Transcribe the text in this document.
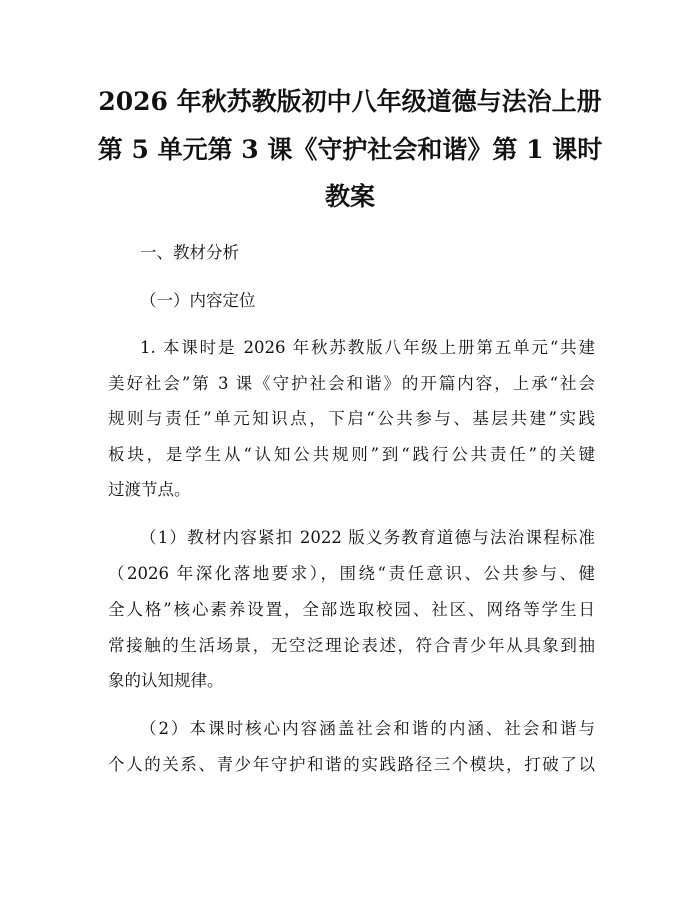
2026 年秋苏教版初中八年级道德与法治上册
第 5 单元第 3 课《守护社会和谐》第 1 课时
教案
一、教材分析
（一）内容定位
1. 本课时是 2026 年秋苏教版八年级上册第五单元“共建
美好社会”第 3 课《守护社会和谐》的开篇内容，上承“社会
规则与责任”单元知识点，下启“公共参与、基层共建”实践
板块，是学生从“认知公共规则”到“践行公共责任”的关键
过渡节点。
（1）教材内容紧扣 2022 版义务教育道德与法治课程标准
（2026 年深化落地要求），围绕“责任意识、公共参与、健
全人格”核心素养设置，全部选取校园、社区、网络等学生日
常接触的生活场景，无空泛理论表述，符合青少年从具象到抽
象的认知规律。
（2）本课时核心内容涵盖社会和谐的内涵、社会和谐与
个人的关系、青少年守护和谐的实践路径三个模块，打破了以
